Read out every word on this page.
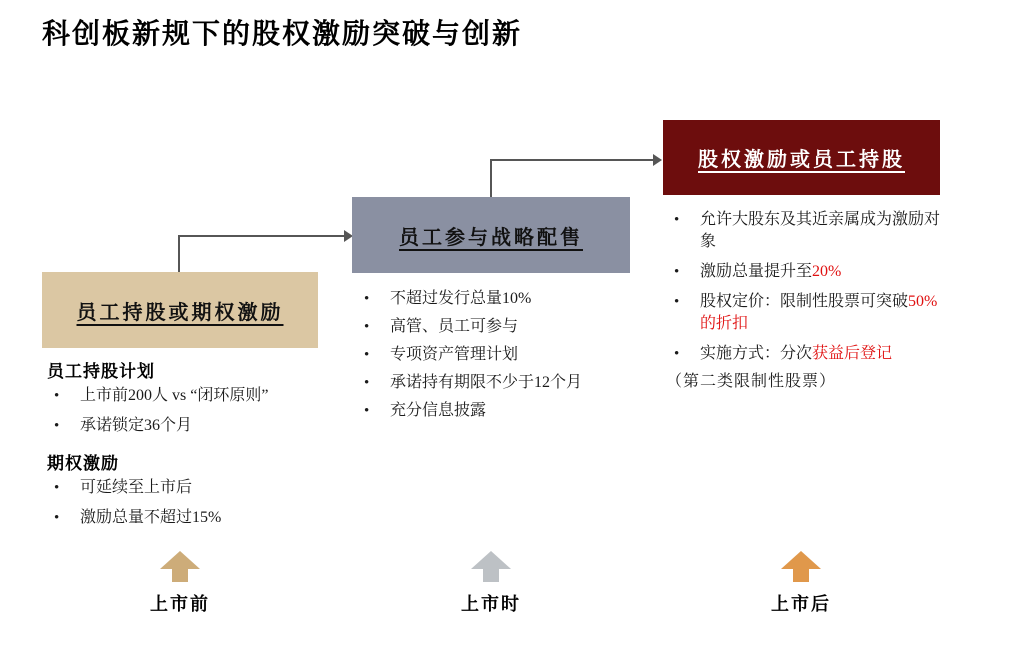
科创板新规下的股权激励突破与创新
员工持股或期权激励
员工参与战略配售
股权激励或员工持股
员工持股计划
•	上市前200人 vs “闭环原则”
•	承诺锁定36个月
期权激励
•	可延续至上市后
•	激励总量不超过15%
•	不超过发行总量10%
•	高管、员工可参与
•	专项资产管理计划
•	承诺持有期限不少于12个月
•	充分信息披露
•	允许大股东及其近亲属成为激励对象
•	激励总量提升至20%
•	股权定价：限制性股票可突破50%的折扣
•	实施方式：分次获益后登记
（第二类限制性股票）
上市前	上市时	上市后
